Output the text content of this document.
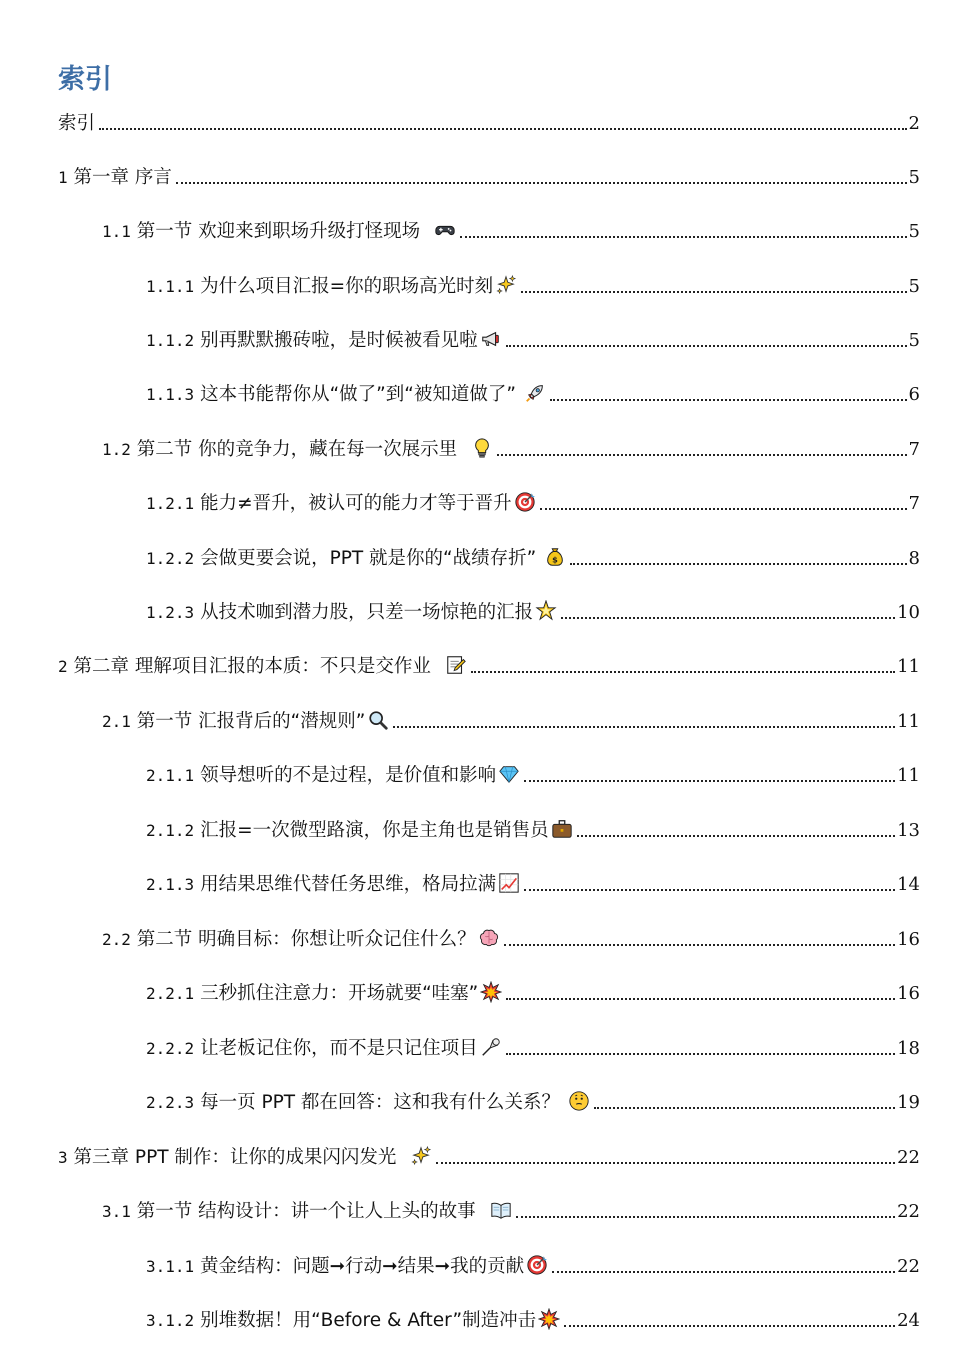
索引
索引	2
1 第一章 序言	5
1.1 第一节 欢迎来到职场升级打怪现场	5
1.1.1 为什么项目汇报=你的职场高光时刻	5
1.1.2 别再默默搬砖啦，是时候被看见啦	5
1.1.3 这本书能帮你从“做了”到“被知道做了”	6
1.2 第二节 你的竞争力，藏在每一次展示里	7
1.2.1 能力≠晋升，被认可的能力才等于晋升	7
1.2.2 会做更要会说，PPT 就是你的“战绩存折” $	8
1.2.3 从技术咖到潜力股，只差一场惊艳的汇报	10
2 第二章 理解项目汇报的本质：不只是交作业	11
2.1 第一节 汇报背后的“潜规则”	11
2.1.1 领导想听的不是过程，是价值和影响	11
2.1.2 汇报=一次微型路演，你是主角也是销售员	13
2.1.3 用结果思维代替任务思维，格局拉满	14
2.2 第二节 明确目标：你想让听众记住什么？	16
2.2.1 三秒抓住注意力：开场就要“哇塞”	16
2.2.2 让老板记住你，而不是只记住项目	18
2.2.3 每一页 PPT 都在回答：这和我有什么关系？	19
3 第三章 PPT 制作：让你的成果闪闪发光	22
3.1 第一节 结构设计：讲一个让人上头的故事	22
3.1.1 黄金结构：问题➞行动➞结果➞我的贡献	22
3.1.2 别堆数据！用“Before & After”制造冲击	24
